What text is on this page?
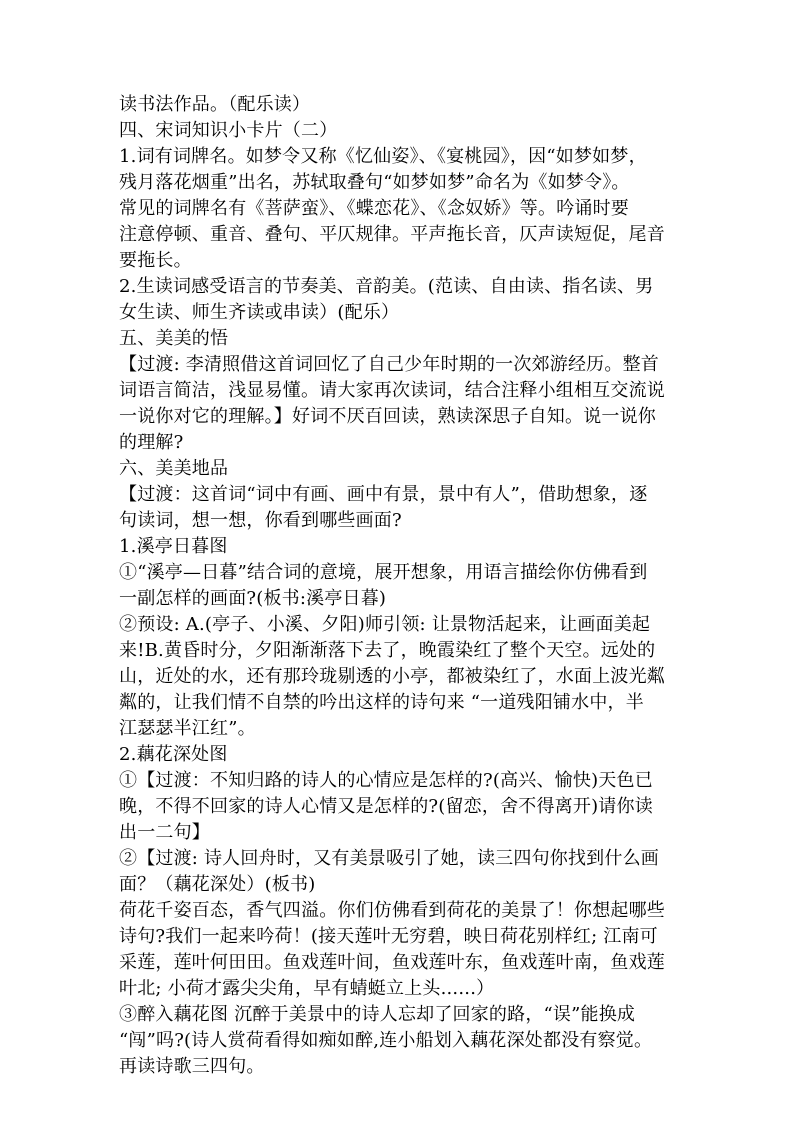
读书法作品。（配乐读）
四、宋词知识小卡片（二）
1.词有词牌名。如梦令又称《忆仙姿》、《宴桃园》，因“如梦如梦，
残月落花烟重”出名，苏轼取叠句“如梦如梦”命名为《如梦令》。
常见的词牌名有《菩萨蛮》、《蝶恋花》、《念奴娇》等。吟诵时要
注意停顿、重音、叠句、平仄规律。平声拖长音，仄声读短促，尾音
要拖长。
2.生读词感受语言的节奏美、音韵美。(范读、自由读、指名读、男
女生读、师生齐读或串读）(配乐）
五、美美的悟
【过渡: 李清照借这首词回忆了自己少年时期的一次郊游经历。整首
词语言简洁，浅显易懂。请大家再次读词，结合注释小组相互交流说
一说你对它的理解。】好词不厌百回读，熟读深思子自知。说一说你
的理解?
六、美美地品
【过渡：这首词“词中有画、画中有景，景中有人”，借助想象，逐
句读词，想一想，你看到哪些画面?
1.溪亭日暮图
①“溪亭—日暮”结合词的意境，展开想象，用语言描绘你仿佛看到
一副怎样的画面?(板书:溪亭日暮)
②预设: A.(亭子、小溪、夕阳)师引领: 让景物活起来，让画面美起
来!B.黄昏时分，夕阳渐渐落下去了，晚霞染红了整个天空。远处的
山，近处的水，还有那玲珑剔透的小亭，都被染红了，水面上波光粼
粼的，让我们情不自禁的吟出这样的诗句来 “一道残阳铺水中，半
江瑟瑟半江红”。
2.藕花深处图
①【过渡：不知归路的诗人的心情应是怎样的?(高兴、愉快)天色已
晚，不得不回家的诗人心情又是怎样的?(留恋，舍不得离开)请你读
出一二句】
②【过渡: 诗人回舟时，又有美景吸引了她，读三四句你找到什么画
面？（藕花深处）(板书)
荷花千姿百态，香气四溢。你们仿佛看到荷花的美景了！你想起哪些
诗句?我们一起来吟荷！(接天莲叶无穷碧，映日荷花别样红; 江南可
采莲，莲叶何田田。鱼戏莲叶间，鱼戏莲叶东，鱼戏莲叶南，鱼戏莲
叶北; 小荷才露尖尖角，早有蜻蜓立上头......）
③醉入藕花图 沉醉于美景中的诗人忘却了回家的路，“误”能换成
“闯”吗?(诗人赏荷看得如痴如醉,连小船划入藕花深处都没有察觉。
再读诗歌三四句。
